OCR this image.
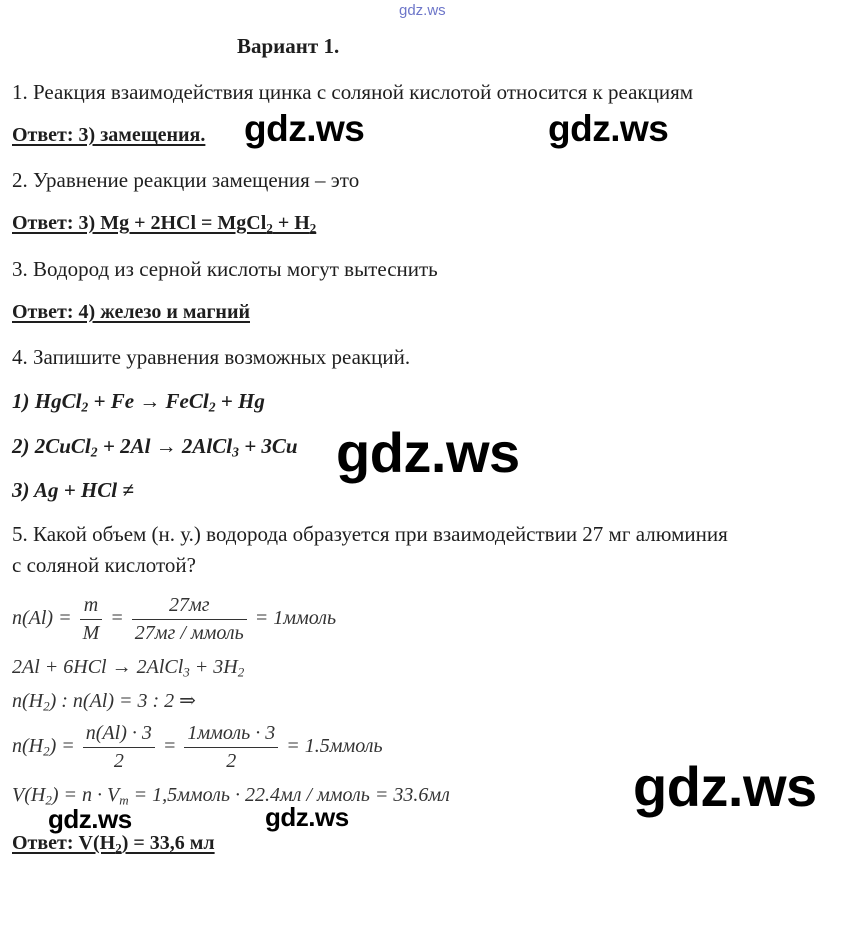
gdz.ws
Вариант 1.
1. Реакция взаимодействия цинка с соляной кислотой относится к реакциям
Ответ: 3) замещения.
2. Уравнение реакции замещения – это
Ответ: 3) Mg + 2HCl = MgCl$_2$ + $H_2$
3. Водород из серной кислоты могут вытеснить
Ответ: 4) железо и магний
4. Запишите уравнения возможных реакций.
1) HgCl$_2$ + Fe → FeCl$_2$ + Hg
2) 2CuCl$_2$ + 2Al → 2AlCl$_3$ + 3Cu
3) Ag + HCl ≠
5. Какой объем (н. у.) водорода образуется при взаимодействии 27 мг алюминия
с соляной кислотой?
$n(Al) = \frac{m}{M} = \frac{27мг}{\text{27мг / ммоль}}$ = 1ммоль
2Al + 6HCl → 2AlCl$_3$ + $3H_2$
$n(H_2)$ : n(Al) = 3 : 2 ⇒
$n(H_2) = \frac{n(Al) \cdot 3}{2} = \frac{\text{1ммоль · 3}}{2}$ = 1.5ммоль
$V(H_2) = n \cdot V_m$ = 1,5ммоль · 22.4мл / ммоль = 33.6мл
Ответ: $V(H_2) = 33,6$ мл
gdz.ws	gdz.ws
gdz.ws
gdz.ws
gdz.ws	gdz.ws
